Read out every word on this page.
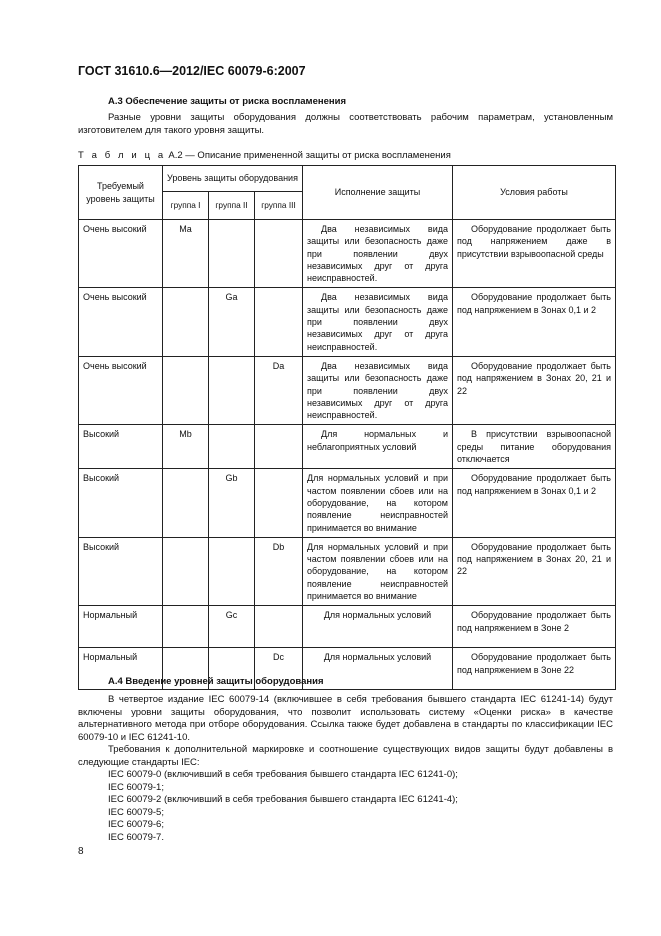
ГОСТ 31610.6—2012/IEC 60079-6:2007
А.3 Обеспечение защиты от риска воспламенения
Разные уровни защиты оборудования должны соответствовать рабочим параметрам, установленным изготовителем для такого уровня защиты.
Т а б л и ц а А.2 — Описание примененной защиты от риска воспламенения
Требуемый уровень защиты	Уровень защиты оборудования			Исполнение защиты	Условия работы
	группа I	группа II	группа III		
Очень высокий	Ma			Два независимых вида защиты или безопасность даже при появлении двух независимых друг от друга неисправностей.	Оборудование продолжает быть под напряжением даже в присутствии взрывоопасной среды
Очень высокий		Ga		Два независимых вида защиты или безопасность даже при появлении двух независимых друг от друга неисправностей.	Оборудование продолжает быть под напряжением в Зонах 0,1 и 2
Очень высокий			Da	Два независимых вида защиты или безопасность даже при появлении двух независимых друг от друга неисправностей.	Оборудование продолжает быть под напряжением в Зонах 20, 21 и 22
Высокий	Mb			Для нормальных и неблагоприятных условий	В присутствии взрывоопасной среды питание оборудования отключается
Высокий		Gb		Для нормальных условий и при частом появлении сбоев или на оборудование, на котором появление неисправностей принимается во внимание	Оборудование продолжает быть под напряжением в Зонах 0,1 и 2
Высокий			Db	Для нормальных условий и при частом появлении сбоев или на оборудование, на котором появление неисправностей принимается во внимание	Оборудование продолжает быть под напряжением в Зонах 20, 21 и 22
Нормальный		Gc		Для нормальных условий	Оборудование продолжает быть под напряжением в Зоне 2
Нормальный			Dc	Для нормальных условий	Оборудование продолжает быть под напряжением в Зоне 22
А.4 Введение уровней защиты оборудования
В четвертое издание IEC 60079-14 (включившее в себя требования бывшего стандарта IEC 61241-14) будут включены уровни защиты оборудования, что позволит использовать систему «Оценки риска» в качестве альтернативного метода при отборе оборудования. Ссылка также будет добавлена в стандарты по классификации IEC 60079-10 и IEC 61241-10.
Требования к дополнительной маркировке и соотношение существующих видов защиты будут добавлены в следующие стандарты IEC:
IEC 60079-0 (включивший в себя требования бывшего стандарта IEC 61241-0);
IEC 60079-1;
IEC 60079-2 (включивший в себя требования бывшего стандарта IEC 61241-4);
IEC 60079-5;
IEC 60079-6;
IEC 60079-7.
8
